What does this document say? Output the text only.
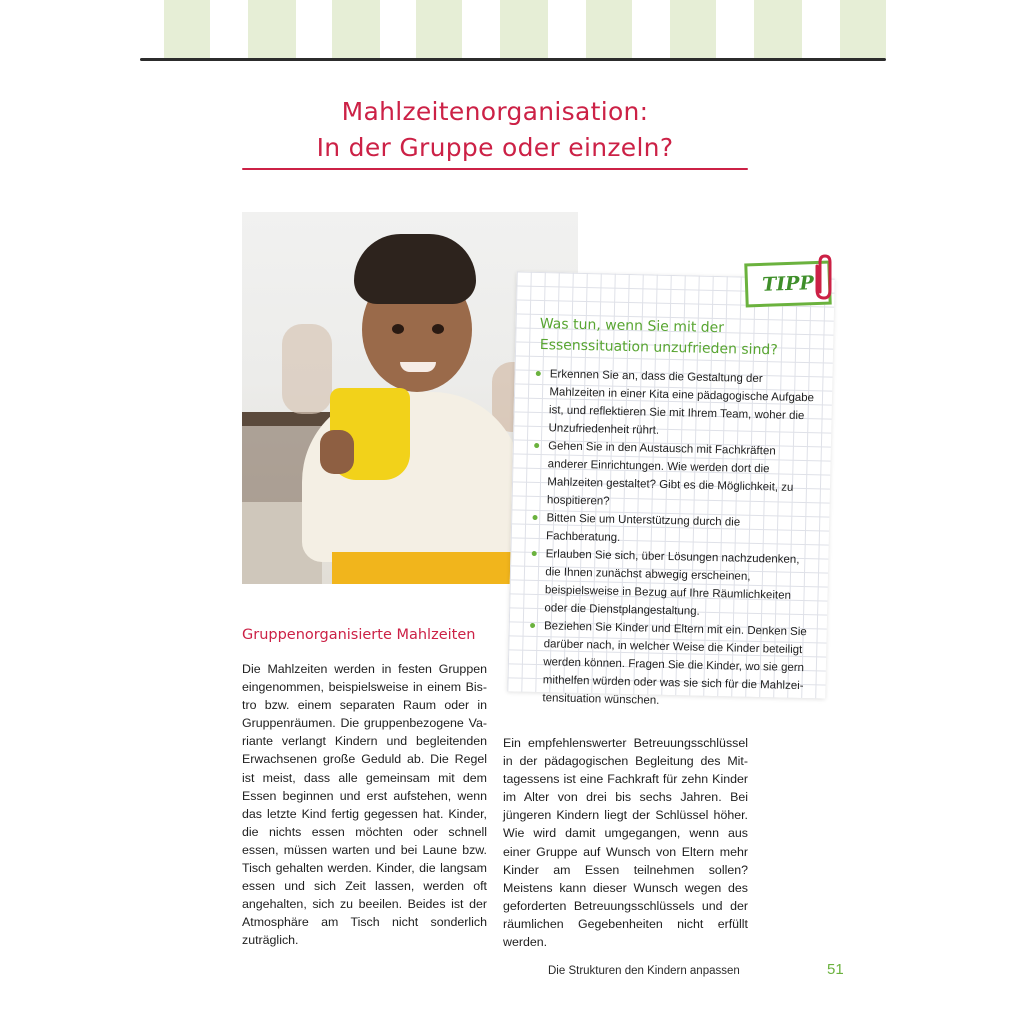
Mahlzeitenorganisation:
In der Gruppe oder einzeln?
TIPP
Was tun, wenn Sie mit der
Essenssituation unzufrieden sind?
Erkennen Sie an, dass die Gestaltung der Mahlzeiten in einer Kita eine pädagogische Aufgabe ist, und reflektieren Sie mit Ihrem Team, woher die Unzufriedenheit rührt.
Gehen Sie in den Austausch mit Fachkräften anderer Einrichtungen. Wie werden dort die Mahlzeiten gestaltet? Gibt es die Möglichkeit, zu hospitieren?
Bitten Sie um Unterstützung durch die Fachberatung.
Erlauben Sie sich, über Lösungen nachzudenken, die Ihnen zunächst abwegig erscheinen, beispielsweise in Bezug auf Ihre Räumlichkeiten oder die Dienstplangestaltung.
Beziehen Sie Kinder und Eltern mit ein. Denken Sie darüber nach, in welcher Weise die Kinder beteiligt werden können. Fragen Sie die Kinder, wo sie gern mithelfen würden oder was sie sich für die Mahlzeitensituation wünschen.
Gruppenorganisierte Mahlzeiten
Die Mahlzeiten werden in festen Gruppen eingenommen, beispielsweise in einem Bistro bzw. einem separaten Raum oder in Gruppenräumen. Die gruppenbezogene Variante verlangt Kindern und begleitenden Erwachsenen große Geduld ab. Die Regel ist meist, dass alle gemeinsam mit dem Essen beginnen und erst aufstehen, wenn das letzte Kind fertig gegessen hat. Kinder, die nichts essen möchten oder schnell essen, müssen warten und bei Laune bzw. Tisch gehalten werden. Kinder, die langsam essen und sich Zeit lassen, werden oft angehalten, sich zu beeilen. Beides ist der Atmosphäre am Tisch nicht sonderlich zuträglich.
Ein empfehlenswerter Betreuungsschlüssel in der pädagogischen Begleitung des Mittagessens ist eine Fachkraft für zehn Kinder im Alter von drei bis sechs Jahren. Bei jüngeren Kindern liegt der Schlüssel höher. Wie wird damit umgegangen, wenn aus einer Gruppe auf Wunsch von Eltern mehr Kinder am Essen teilnehmen sollen? Meistens kann dieser Wunsch wegen des geforderten Betreuungsschlüssels und der räumlichen Gegebenheiten nicht erfüllt werden.
Die Strukturen den Kindern anpassen	51
